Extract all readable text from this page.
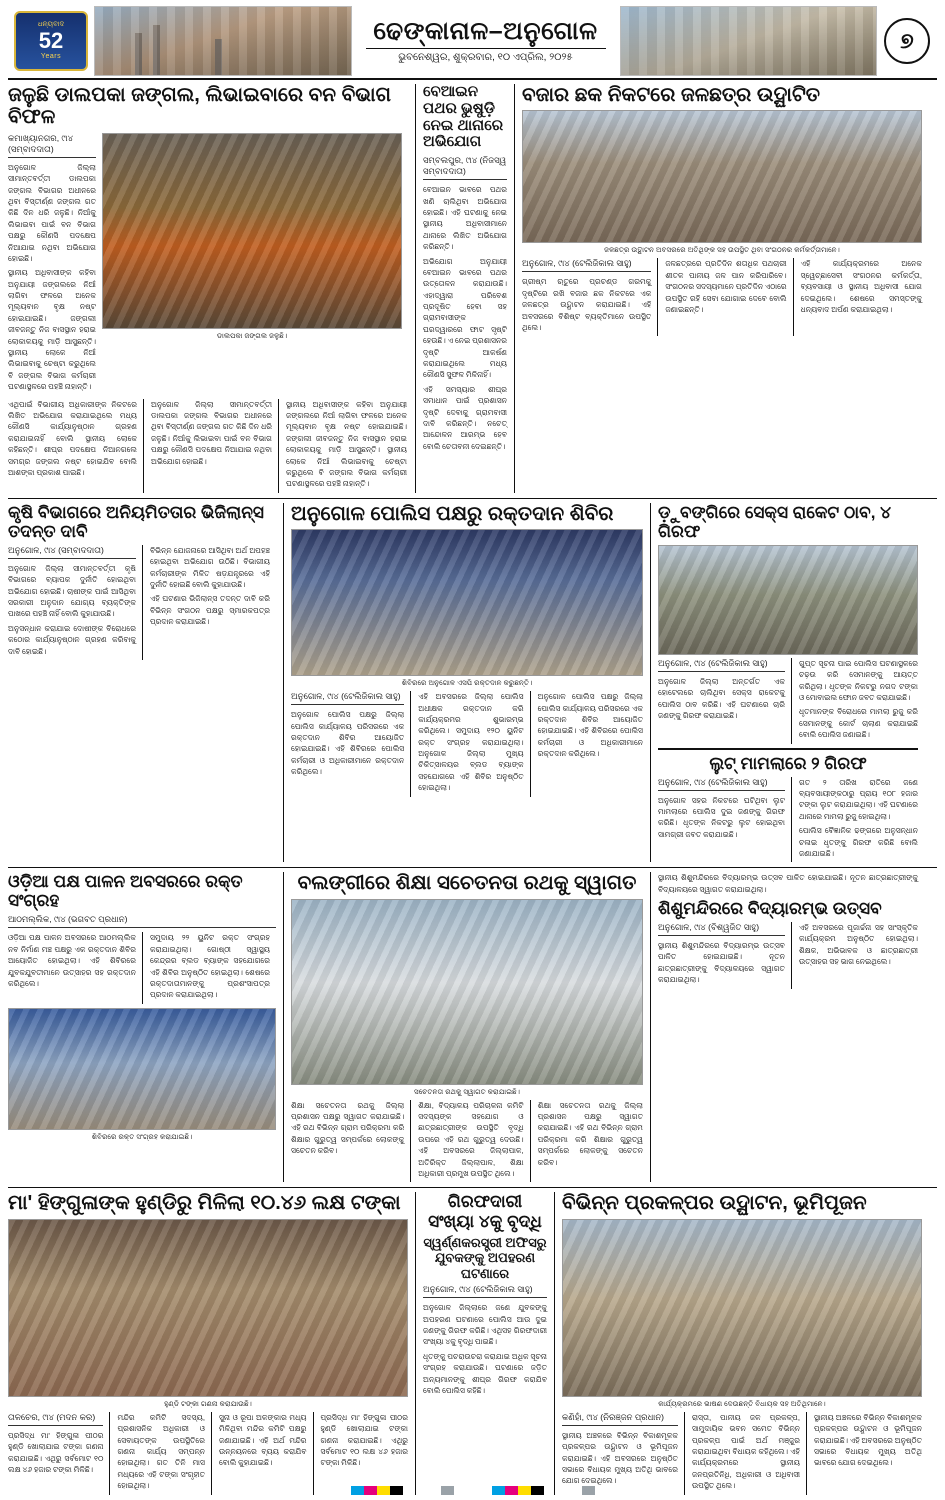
ଧନ୍ୟବାଦ
52
Years
ଢେଙ୍କାନାଳ–ଅନୁଗୋଳ
ଭୁବନେଶ୍ୱର, ଶୁକ୍ରବାର, ୧୦ ଏପ୍ରିଲ, ୨୦୨୫
୭
ଜଳୁଛି ଡାଲପକା ଜଙ୍ଗଲ, ଲିଭାଇବାରେ ବନ ବିଭାଗ ବିଫଳ
କମାଖ୍ୟାନଗର, ୯ା୪ (ସମ୍ବାଦଦାତା)

ଅନୁଗୋଳ ଜିଲ୍ଲା ସୀମାନ୍ତବର୍ତ୍ତୀ ଡାଲପକା ଜଙ୍ଗଲ ବିଭାଗର ଅଧୀନରେ ଥିବା ବିସ୍ତୀର୍ଣ୍ଣ ଜଙ୍ଗଲ ଗତ କିଛି ଦିନ ଧରି ଜଳୁଛି। ନିଆଁକୁ ଲିଭାଇବା ପାଇଁ ବନ ବିଭାଗ ପକ୍ଷରୁ କୌଣସି ପଦକ୍ଷେପ ନିଆଯାଇ ନଥିବା ଅଭିଯୋଗ ହୋଇଛି।

ସ୍ଥାନୀୟ ଅଧିବାସୀଙ୍କ କହିବା ଅନୁଯାୟୀ ଜଙ୍ଗଲରେ ନିଆଁ ଲାଗିବା ଫଳରେ ଅନେକ ମୂଲ୍ୟବାନ ବୃକ୍ଷ ନଷ୍ଟ ହୋଇଯାଇଛି। ଜଙ୍ଗଲୀ ଜୀବଜନ୍ତୁ ନିଜ ବାସସ୍ଥାନ ହରାଇ ଲୋକାଳୟକୁ ମାଡ଼ି ଆସୁଛନ୍ତି। ସ୍ଥାନୀୟ ଲୋକେ ନିଆଁ ଲିଭାଇବାକୁ ଚେଷ୍ଟା କରୁଥିଲେ ବି ଜଙ୍ଗଲ ବିଭାଗ କର୍ମଚାରୀ ଘଟଣାସ୍ଥଳରେ ପହଞ୍ଚି ନାହାନ୍ତି।

ଡାଲପକା ଜଙ୍ଗଲ ଜଳୁଛି।

ଏଥିପାଇଁ ବିଭାଗୀୟ ଅଧିକାରୀଙ୍କ ନିକଟରେ ଲିଖିତ ଅଭିଯୋଗ କରାଯାଇଥିଲେ ମଧ୍ୟ କୌଣସି କାର୍ଯ୍ୟାନୁଷ୍ଠାନ ଗ୍ରହଣ କରାଯାଇନାହିଁ ବୋଲି ସ୍ଥାନୀୟ ଲୋକେ କହିଛନ୍ତି। ଶୀଘ୍ର ପଦକ୍ଷେପ ନିଆନଗଲେ ସମଗ୍ର ଜଙ୍ଗଲ ନଷ୍ଟ ହୋଇଯିବ ବୋଲି ଆଶଙ୍କା ପ୍ରକାଶ ପାଇଛି।

ଅନୁଗୋଳ ଜିଲ୍ଲା ସୀମାନ୍ତବର୍ତ୍ତୀ ଡାଲପକା ଜଙ୍ଗଲ ବିଭାଗର ଅଧୀନରେ ଥିବା ବିସ୍ତୀର୍ଣ୍ଣ ଜଙ୍ଗଲ ଗତ କିଛି ଦିନ ଧରି ଜଳୁଛି। ନିଆଁକୁ ଲିଭାଇବା ପାଇଁ ବନ ବିଭାଗ ପକ୍ଷରୁ କୌଣସି ପଦକ୍ଷେପ ନିଆଯାଇ ନଥିବା ଅଭିଯୋଗ ହୋଇଛି।

ସ୍ଥାନୀୟ ଅଧିବାସୀଙ୍କ କହିବା ଅନୁଯାୟୀ ଜଙ୍ଗଲରେ ନିଆଁ ଲାଗିବା ଫଳରେ ଅନେକ ମୂଲ୍ୟବାନ ବୃକ୍ଷ ନଷ୍ଟ ହୋଇଯାଇଛି। ଜଙ୍ଗଲୀ ଜୀବଜନ୍ତୁ ନିଜ ବାସସ୍ଥାନ ହରାଇ ଲୋକାଳୟକୁ ମାଡ଼ି ଆସୁଛନ୍ତି। ସ୍ଥାନୀୟ ଲୋକେ ନିଆଁ ଲିଭାଇବାକୁ ଚେଷ୍ଟା କରୁଥିଲେ ବି ଜଙ୍ଗଲ ବିଭାଗ କର୍ମଚାରୀ ଘଟଣାସ୍ଥଳରେ ପହଞ୍ଚି ନାହାନ୍ତି।

ବେଆଇନ ପଥର ଭୁଷୁଡ଼ି ନେଇ ଥାନାରେ ଅଭିଯୋଗ
ସମ୍ବଲପୁର, ୯ା୪ (ନିଜସ୍ୱ ସମ୍ବାଦଦାତା)

ବେଆଇନ ଭାବରେ ପଥର ଖଣି ଚାଲିଥିବା ଅଭିଯୋଗ ହୋଇଛି। ଏହି ଘଟଣାକୁ ନେଇ ସ୍ଥାନୀୟ ଅଧିବାସୀମାନେ ଥାନାରେ ଲିଖିତ ଅଭିଯୋଗ କରିଛନ୍ତି।

ଅଭିଯୋଗ ଅନୁଯାୟୀ ବେଆଇନ ଭାବରେ ପଥର ଉତ୍ତୋଳନ କରାଯାଉଛି। ଏହାଦ୍ୱାରା ପରିବେଶ ପ୍ରଦୂଷିତ ହେବା ସହ ଗ୍ରାମବାସୀଙ୍କ ଘରଦ୍ୱାରରେ ଫାଟ ସୃଷ୍ଟି ହେଉଛି। ଏ ନେଇ ପ୍ରଶାସନର ଦୃଷ୍ଟି ଆକର୍ଷଣ କରାଯାଇଥିଲେ ମଧ୍ୟ କୌଣସି ସୁଫଳ ମିଳିନାହିଁ।

ଏହି ସମସ୍ୟାର ଶୀଘ୍ର ସମାଧାନ ପାଇଁ ପ୍ରଶାସନ ଦୃଷ୍ଟି ଦେବାକୁ ଗ୍ରାମବାସୀ ଦାବି କରିଛନ୍ତି। ନଚେତ୍ ଆନ୍ଦୋଳନ ଆରମ୍ଭ ହେବ ବୋଲି ଚେତାବନୀ ଦେଇଛନ୍ତି।

ବଜାର ଛକ ନିକଟରେ ଜଳଛତ୍ର ଉଦ୍ଘାଟିତ
ଜଳଛତ୍ର ଉଦ୍ଘାଟନ ଅବସରରେ ଅତିଥିଙ୍କ ସହ ଉପସ୍ଥିତ ଥିବା ସଂଗଠନର କର୍ମକର୍ତ୍ତାମାନେ।
ଅନୁଗୋଳ, ୯ା୪ (ଟେଲିଜିକାଲ ସାହୁ)

ଗ୍ରୀଷ୍ମ ଋତୁରେ ପ୍ରଚଣ୍ଡ ଗରମକୁ ଦୃଷ୍ଟିରେ ରଖି ବଜାର ଛକ ନିକଟରେ ଏକ ଜଳଛତ୍ର ଉଦ୍ଘାଟନ କରାଯାଇଛି। ଏହି ଅବସରରେ ବିଶିଷ୍ଟ ବ୍ୟକ୍ତିମାନେ ଉପସ୍ଥିତ ଥିଲେ।

ଜଳଛତ୍ରରେ ପ୍ରତିଦିନ ଶତାଧିକ ପଥଚାରୀ ଶୀତଳ ପାନୀୟ ଜଳ ପାନ କରିପାରିବେ। ସଂଗଠନର ସଦସ୍ୟମାନେ ପ୍ରତିଦିନ ଏଠାରେ ଉପସ୍ଥିତ ରହି ସେବା ଯୋଗାଇ ଦେବେ ବୋଲି ଜଣାଇଛନ୍ତି।

ଏହି କାର୍ଯ୍ୟକ୍ରମରେ ଅନେକ ସ୍ୱେଚ୍ଛାସେବୀ ସଂଗଠନର କର୍ମକର୍ତ୍ତା, ବ୍ୟବସାୟୀ ଓ ସ୍ଥାନୀୟ ଅଧିବାସୀ ଯୋଗ ଦେଇଥିଲେ। ଶେଷରେ ସମସ୍ତଙ୍କୁ ଧନ୍ୟବାଦ ଅର୍ପଣ କରାଯାଇଥିଲା।

କୃଷି ବିଭାଗରେ ଅନିୟମିତତାର ଭିଜିଲାନ୍ସ ତଦନ୍ତ ଦାବି
ଅନୁଗୋଳ, ୯ା୪ (ସମ୍ବାଦଦାତା)

ଅନୁଗୋଳ ଜିଲ୍ଲା ସୀମାନ୍ତବର୍ତ୍ତୀ କୃଷି ବିଭାଗରେ ବ୍ୟାପକ ଦୁର୍ନୀତି ହୋଇଥିବା ଅଭିଯୋଗ ହୋଇଛି। ଚାଷୀଙ୍କ ପାଇଁ ଆସିଥିବା ସରକାରୀ ଅନୁଦାନ ଯୋଗ୍ୟ ବ୍ୟକ୍ତିଙ୍କ ପାଖରେ ପହଞ୍ଚି ନାହିଁ ବୋଲି କୁହାଯାଉଛି।

ଅନୁସନ୍ଧାନ କରାଯାଇ ଦୋଷୀଙ୍କ ବିରୋଧରେ କଠୋର କାର୍ଯ୍ୟାନୁଷ୍ଠାନ ଗ୍ରହଣ କରିବାକୁ ଦାବି ହୋଇଛି।

ବିଭିନ୍ନ ଯୋଜନାରେ ଆସିଥିବା ଅର୍ଥ ଅପହଞ୍ଚ ହୋଇଥିବା ଅଭିଯୋଗ ଉଠିଛି। ବିଭାଗୀୟ କର୍ମଚାରୀଙ୍କ ମିଳିତ ଷଡ଼ଯନ୍ତ୍ରରେ ଏହି ଦୁର୍ନୀତି ହୋଇଛି ବୋଲି କୁହାଯାଉଛି।

ଏହି ଘଟଣାର ଭିଜିଲାନ୍ସ ତଦନ୍ତ ଦାବି କରି ବିଭିନ୍ନ ସଂଗଠନ ପକ୍ଷରୁ ସ୍ମାରକପତ୍ର ପ୍ରଦାନ କରାଯାଇଛି।

ଅନୁଗୋଳ ପୋଲିସ ପକ୍ଷରୁ ରକ୍ତଦାନ ଶିବିର
ଶିବିରରେ ଅନୁଗୋଳ ଏସପି ରକ୍ତଦାନ କରୁଛନ୍ତି।
ଅନୁଗୋଳ, ୯ା୪ (ଟେଲିଜିକାଲ ସାହୁ)

ଅନୁଗୋଳ ପୋଲିସ ପକ୍ଷରୁ ଜିଲ୍ଲା ପୋଲିସ କାର୍ଯ୍ୟାଳୟ ପରିସରରେ ଏକ ରକ୍ତଦାନ ଶିବିର ଆୟୋଜିତ ହୋଇଯାଇଛି। ଏହି ଶିବିରରେ ପୋଲିସ କର୍ମଚାରୀ ଓ ଅଧିକାରୀମାନେ ରକ୍ତଦାନ କରିଥିଲେ।

ଏହି ଅବସରରେ ଜିଲ୍ଲା ପୋଲିସ ଅଧୀକ୍ଷକ ରକ୍ତଦାନ କରି କାର୍ଯ୍ୟକ୍ରମର ଶୁଭାରମ୍ଭ କରିଥିଲେ। ସମୁଦାୟ ୧୨୦ ୟୁନିଟ ରକ୍ତ ସଂଗ୍ରହ କରାଯାଇଥିଲା। ଅନୁଗୋଳ ଜିଲ୍ଲା ମୁଖ୍ୟ ଚିକିତ୍ସାଳୟର ବ୍ଲଡ ବ୍ୟାଙ୍କ ସହଯୋଗରେ ଏହି ଶିବିର ଅନୁଷ୍ଠିତ ହୋଇଥିଲା।

ଅନୁଗୋଳ ପୋଲିସ ପକ୍ଷରୁ ଜିଲ୍ଲା ପୋଲିସ କାର୍ଯ୍ୟାଳୟ ପରିସରରେ ଏକ ରକ୍ତଦାନ ଶିବିର ଆୟୋଜିତ ହୋଇଯାଇଛି। ଏହି ଶିବିରରେ ପୋଲିସ କର୍ମଚାରୀ ଓ ଅଧିକାରୀମାନେ ରକ୍ତଦାନ କରିଥିଲେ।

ଡ଼ୁବଙ୍ଗିରେ ସେକ୍ସ ରାକେଟ ଠାବ, ୪ ଗିରଫ
ଅନୁଗୋଳ, ୯ା୪ (ଟେଲିଜିକାଲ ସାହୁ)

ଅନୁଗୋଳ ଜିଲ୍ଲା ଅନ୍ତର୍ଗତ ଏକ ହୋଟେଲରେ ଚାଲିଥିବା ସେକ୍ସ ରାକେଟକୁ ପୋଲିସ ଠାବ କରିଛି। ଏହି ଘଟଣାରେ ଚାରି ଜଣଙ୍କୁ ଗିରଫ କରାଯାଇଛି।

ଗୁପ୍ତ ସୂଚନା ପାଇ ପୋଲିସ ଘଟଣାସ୍ଥଳରେ ଚଢ଼ଉ କରି ସେମାନଙ୍କୁ ଆୟତ୍ତ କରିଥିଲା। ଧୃତଙ୍କ ନିକଟରୁ ନଗଦ ଟଙ୍କା ଓ ମୋବାଇଲ ଫୋନ ଜବତ କରାଯାଇଛି।

ଧୃତମାନଙ୍କ ବିରୋଧରେ ମାମଲା ରୁଜୁ କରି ସେମାନଙ୍କୁ କୋର୍ଟ ଚାଲାଣ କରାଯାଇଛି ବୋଲି ପୋଲିସ ଜଣାଇଛି।

ଲୁଟ୍ ମାମଲାରେ ୨ ଗିରଫ
ଅନୁଗୋଳ, ୯ା୪ (ଟେଲିଜିକାଲ ସାହୁ)

ଅନୁଗୋଳ ସହର ନିକଟରେ ଘଟିଥିବା ଲୁଟ ମାମଲାରେ ପୋଲିସ ଦୁଇ ଜଣଙ୍କୁ ଗିରଫ କରିଛି। ଧୃତଙ୍କ ନିକଟରୁ ଲୁଟ ହୋଇଥିବା ସାମଗ୍ରୀ ଜବତ କରାଯାଇଛି।

ଗତ ୨ ତାରିଖ ରାତିରେ ଜଣେ ବ୍ୟବସାୟୀଙ୍କଠାରୁ ପ୍ରାୟ ୧୦୮ ହଜାର ଟଙ୍କା ଲୁଟ କରାଯାଇଥିଲା। ଏହି ଘଟଣାରେ ଥାନାରେ ମାମଲା ରୁଜୁ ହୋଇଥିଲା।

ପୋଲିସ ବୈଜ୍ଞାନିକ ଢଙ୍ଗରେ ଅନୁସନ୍ଧାନ ଚଳାଇ ଧୃତଙ୍କୁ ଗିରଫ କରିଛି ବୋଲି ଜଣାଯାଇଛି।

ଓଡ଼ିଆ ପକ୍ଷ ପାଳନ ଅବସରରେ ରକ୍ତ ସଂଗ୍ରହ
ଆଠମଲ୍ଲିକ, ୯ା୪ (ଭଗବତ ପ୍ରଧାନ)

ଓଡ଼ିଆ ପକ୍ଷ ପାଳନ ଅବସରରେ ଆଠମଲ୍ଲିକ ନବ ନିର୍ମାଣ ମଞ୍ଚ ପକ୍ଷରୁ ଏକ ରକ୍ତଦାନ ଶିବିର ଆୟୋଜିତ ହୋଇଥିଲା। ଏହି ଶିବିରରେ ଯୁବକଯୁବତୀମାନେ ଉତ୍ସାହର ସହ ରକ୍ତଦାନ କରିଥିଲେ।

ସମୁଦାୟ ୨୨ ୟୁନିଟ ରକ୍ତ ସଂଗ୍ରହ କରାଯାଇଥିଲା। ଗୋଷ୍ଠୀ ସ୍ୱାସ୍ଥ୍ୟ କେନ୍ଦ୍ରର ବ୍ଲଡ ବ୍ୟାଙ୍କ ସହଯୋଗରେ ଏହି ଶିବିର ଅନୁଷ୍ଠିତ ହୋଇଥିଲା। ଶେଷରେ ରକ୍ତଦାତାମାନଙ୍କୁ ପ୍ରଶଂସାପତ୍ର ପ୍ରଦାନ କରାଯାଇଥିଲା।

ଶିବିରରେ ରକ୍ତ ସଂଗ୍ରହ କରାଯାଇଛି।
ବଲଙ୍ଗୀରେ ଶିକ୍ଷା ସଚେତନତା ରଥକୁ ସ୍ୱାଗତ
ସଚେତନତା ରଥକୁ ସ୍ୱାଗତ କରାଯାଇଛି।

ଶିକ୍ଷା ସଚେତନତା ରଥକୁ ଜିଲ୍ଲା ପ୍ରଶାସନ ପକ୍ଷରୁ ସ୍ୱାଗତ କରାଯାଇଛି। ଏହି ରଥ ବିଭିନ୍ନ ଗ୍ରାମ ପରିକ୍ରମା କରି ଶିକ୍ଷାର ଗୁରୁତ୍ୱ ସମ୍ପର୍କରେ ଲୋକଙ୍କୁ ସଚେତନ କରିବ।

ଶିକ୍ଷା, ବିଦ୍ୟାଳୟ ପରିଚାଳନା କମିଟି ସଦସ୍ୟଙ୍କ ସହଯୋଗ ଓ ଛାତ୍ରଛାତ୍ରୀଙ୍କ ଉପସ୍ଥିତି ବୃଦ୍ଧି ଉପରେ ଏହି ରଥ ଗୁରୁତ୍ୱ ଦେଉଛି। ଏହି ଅବସରରେ ଜିଲ୍ଲାପାଳ, ଅତିରିକ୍ତ ଜିଲ୍ଲାପାଳ, ଶିକ୍ଷା ଅଧିକାରୀ ପ୍ରମୁଖ ଉପସ୍ଥିତ ଥିଲେ।

ଶିକ୍ଷା ସଚେତନତା ରଥକୁ ଜିଲ୍ଲା ପ୍ରଶାସନ ପକ୍ଷରୁ ସ୍ୱାଗତ କରାଯାଇଛି। ଏହି ରଥ ବିଭିନ୍ନ ଗ୍ରାମ ପରିକ୍ରମା କରି ଶିକ୍ଷାର ଗୁରୁତ୍ୱ ସମ୍ପର୍କରେ ଲୋକଙ୍କୁ ସଚେତନ କରିବ।

ସ୍ଥାନୀୟ ଶିଶୁମନ୍ଦିରରେ ବିଦ୍ୟାରମ୍ଭ ଉତ୍ସବ ପାଳିତ ହୋଇଯାଇଛି। ନୂତନ ଛାତ୍ରଛାତ୍ରୀଙ୍କୁ ବିଦ୍ୟାଳୟରେ ସ୍ୱାଗତ କରାଯାଇଥିଲା।

ଶିଶୁମନ୍ଦିରରେ ବିଦ୍ୟାରମ୍ଭ ଉତ୍ସବ
ଅନୁଗୋଳ, ୯ା୪ (ବିଶ୍ୱଜିତ ସାହୁ)

ସ୍ଥାନୀୟ ଶିଶୁମନ୍ଦିରରେ ବିଦ୍ୟାରମ୍ଭ ଉତ୍ସବ ପାଳିତ ହୋଇଯାଇଛି। ନୂତନ ଛାତ୍ରଛାତ୍ରୀଙ୍କୁ ବିଦ୍ୟାଳୟରେ ସ୍ୱାଗତ କରାଯାଇଥିଲା।

ଏହି ଅବସରରେ ପୂଜାର୍ଚ୍ଚନା ସହ ସାଂସ୍କୃତିକ କାର୍ଯ୍ୟକ୍ରମ ଅନୁଷ୍ଠିତ ହୋଇଥିଲା। ଶିକ୍ଷକ, ଅଭିଭାବକ ଓ ଛାତ୍ରଛାତ୍ରୀ ଉତ୍ସାହର ସହ ଭାଗ ନେଇଥିଲେ।

ମା' ହିଙ୍ଗୁଳାଙ୍କ ହୁଣ୍ଡିରୁ ମିଳିଲା ୧୦.୪୬ ଲକ୍ଷ ଟଙ୍କା
ହୁଣ୍ଡି ଟଙ୍କା ଗଣନା କରାଯାଉଛି।
ତାଳଚେର, ୯ା୪ (ମଦନ କର)

ପ୍ରସିଦ୍ଧ ମା' ହିଙ୍ଗୁଳା ପୀଠର ହୁଣ୍ଡି ଖୋଲାଯାଇ ଟଙ୍କା ଗଣନା କରାଯାଇଛି। ଏଥିରୁ ସର୍ବମୋଟ ୧୦ ଲକ୍ଷ ୪୬ ହଜାର ଟଙ୍କା ମିଳିଛି।

ମନ୍ଦିର କମିଟି ସଦସ୍ୟ, ପ୍ରଶାସନିକ ଅଧିକାରୀ ଓ ସେବାୟତଙ୍କ ଉପସ୍ଥିତିରେ ଗଣନା କାର୍ଯ୍ୟ ସମ୍ପନ୍ନ ହୋଇଥିଲା। ଗତ ତିନି ମାସ ମଧ୍ୟରେ ଏହି ଟଙ୍କା ସଂଗୃହୀତ ହୋଇଥିଲା।

ସୁନା ଓ ରୂପା ଅଳଙ୍କାର ମଧ୍ୟ ମିଳିଥିବା ମନ୍ଦିର କମିଟି ପକ୍ଷରୁ ଜଣାଯାଇଛି। ଏହି ଅର୍ଥ ମନ୍ଦିର ଉନ୍ନୟନରେ ବ୍ୟୟ କରାଯିବ ବୋଲି କୁହାଯାଇଛି।

ପ୍ରସିଦ୍ଧ ମା' ହିଙ୍ଗୁଳା ପୀଠର ହୁଣ୍ଡି ଖୋଲାଯାଇ ଟଙ୍କା ଗଣନା କରାଯାଇଛି। ଏଥିରୁ ସର୍ବମୋଟ ୧୦ ଲକ୍ଷ ୪୬ ହଜାର ଟଙ୍କା ମିଳିଛି।

ଗିରଫଦାରୀ ସଂଖ୍ୟା ୪କୁ ବୃଦ୍ଧି
ସ୍ୱର୍ଣ୍ଣକରସ୍ତ୍ରୀ ଅଫିସରୁ ଯୁବକଙ୍କୁ ଅପହରଣ ଘଟଣାରେ
ଅନୁଗୋଳ, ୯ା୪ (ଟେଲିଜିକାଲ ସାହୁ)

ଅନୁଗୋଳ ଜିଲ୍ଲାରେ ଜଣେ ଯୁବକଙ୍କୁ ଅପହରଣ ଘଟଣାରେ ପୋଲିସ ଆଉ ଦୁଇ ଜଣଙ୍କୁ ଗିରଫ କରିଛି। ଏଥିସହ ଗିରଫଦାରୀ ସଂଖ୍ୟା ୪କୁ ବୃଦ୍ଧି ପାଇଛି।

ଧୃତଙ୍କୁ ପଚରାଉଚରା କରାଯାଇ ଅଧିକ ସୂଚନା ସଂଗ୍ରହ କରାଯାଉଛି। ଘଟଣାରେ ଜଡ଼ିତ ଅନ୍ୟମାନଙ୍କୁ ଶୀଘ୍ର ଗିରଫ କରାଯିବ ବୋଲି ପୋଲିସ କହିଛି।

ବିଭିନ୍ନ ପ୍ରକଳ୍ପର ଉଦ୍ଘାଟନ, ଭୂମିପୂଜନ
କାର୍ଯ୍ୟକ୍ରମରେ ଭାଷଣ ଦେଉଛନ୍ତି ବିଧାୟକ ସହ ଅତିଥିମାନେ।
କଣିହାଁ, ୯ା୪ (ନିରଞ୍ଜନ ପ୍ରଧାନ)

ସ୍ଥାନୀୟ ଅଞ୍ଚଳରେ ବିଭିନ୍ନ ବିକାଶମୂଳକ ପ୍ରକଳ୍ପର ଉଦ୍ଘାଟନ ଓ ଭୂମିପୂଜନ କରାଯାଇଛି। ଏହି ଅବସରରେ ଅନୁଷ୍ଠିତ ସଭାରେ ବିଧାୟକ ମୁଖ୍ୟ ଅତିଥି ଭାବରେ ଯୋଗ ଦେଇଥିଲେ।

ରାସ୍ତା, ପାନୀୟ ଜଳ ପ୍ରକଳ୍ପ, ସାମୁଦାୟିକ ଭବନ ସମେତ ବିଭିନ୍ନ ପ୍ରକଳ୍ପ ପାଇଁ ଅର୍ଥ ମଞ୍ଜୁର କରାଯାଇଥିବା ବିଧାୟକ କହିଥିଲେ। ଏହି କାର୍ଯ୍ୟକ୍ରମରେ ସ୍ଥାନୀୟ ଜନପ୍ରତିନିଧି, ଅଧିକାରୀ ଓ ଅଧିବାସୀ ଉପସ୍ଥିତ ଥିଲେ।

ସ୍ଥାନୀୟ ଅଞ୍ଚଳରେ ବିଭିନ୍ନ ବିକାଶମୂଳକ ପ୍ରକଳ୍ପର ଉଦ୍ଘାଟନ ଓ ଭୂମିପୂଜନ କରାଯାଇଛି। ଏହି ଅବସରରେ ଅନୁଷ୍ଠିତ ସଭାରେ ବିଧାୟକ ମୁଖ୍ୟ ଅତିଥି ଭାବରେ ଯୋଗ ଦେଇଥିଲେ।
